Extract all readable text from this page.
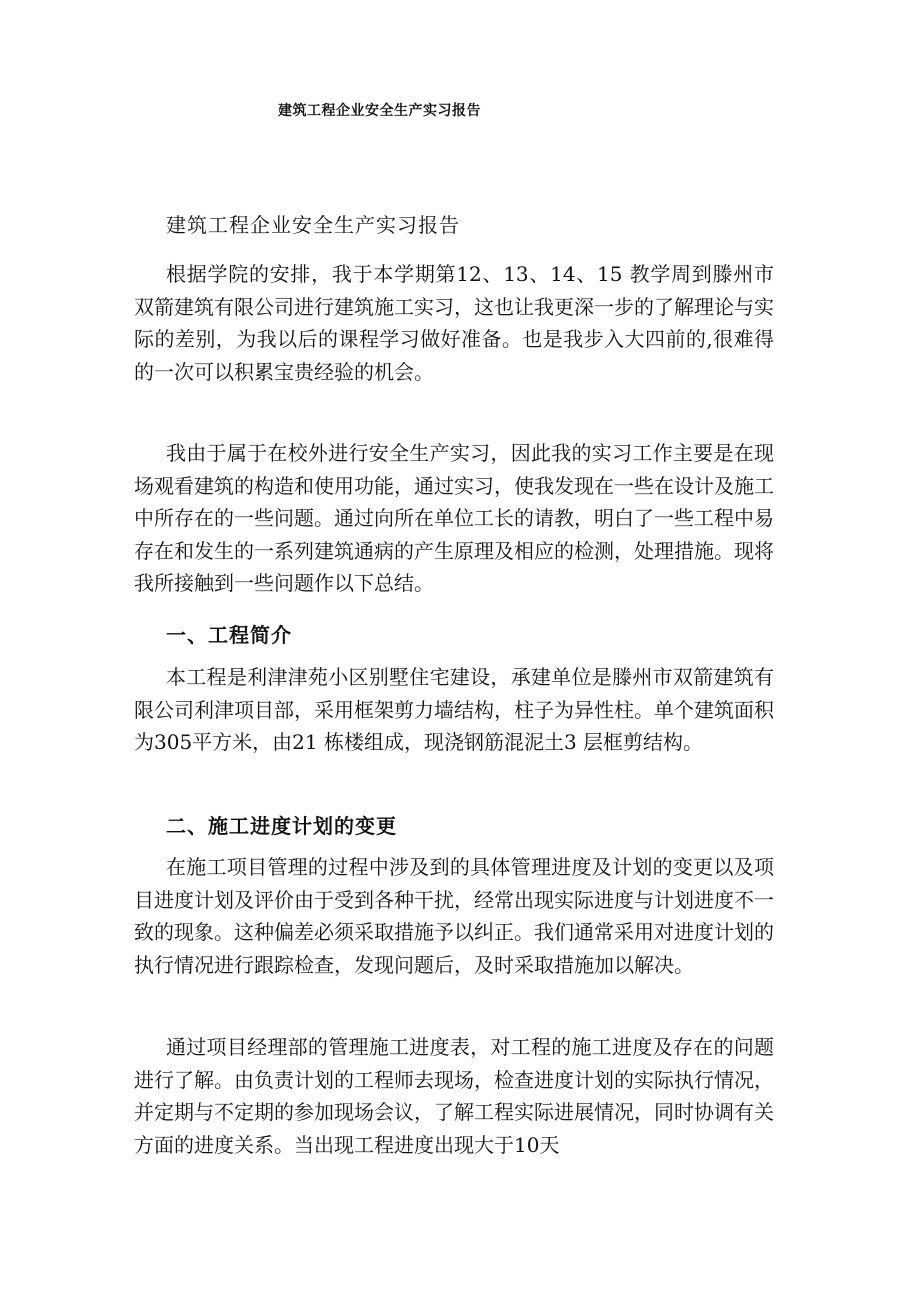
建筑工程企业安全生产实习报告
建筑工程企业安全生产实习报告

根据学院的安排，我于本学期第12、13、14、15 教学周到滕州市双箭建筑有限公司进行建筑施工实习，这也让我更深一步的了解理论与实际的差别，为我以后的课程学习做好准备。也是我步入大四前的,很难得的一次可以积累宝贵经验的机会。

我由于属于在校外进行安全生产实习，因此我的实习工作主要是在现场观看建筑的构造和使用功能，通过实习，使我发现在一些在设计及施工中所存在的一些问题。通过向所在单位工长的请教，明白了一些工程中易存在和发生的一系列建筑通病的产生原理及相应的检测，处理措施。现将我所接触到一些问题作以下总结。

一、工程简介

本工程是利津津苑小区别墅住宅建设，承建单位是滕州市双箭建筑有限公司利津项目部，采用框架剪力墙结构，柱子为异性柱。单个建筑面积为305平方米，由21 栋楼组成，现浇钢筋混泥土3 层框剪结构。

二、施工进度计划的变更

在施工项目管理的过程中涉及到的具体管理进度及计划的变更以及项目进度计划及评价由于受到各种干扰，经常出现实际进度与计划进度不一致的现象。这种偏差必须采取措施予以纠正。我们通常采用对进度计划的执行情况进行跟踪检查，发现问题后，及时采取措施加以解决。

通过项目经理部的管理施工进度表，对工程的施工进度及存在的问题进行了解。由负责计划的工程师去现场，检查进度计划的实际执行情况，并定期与不定期的参加现场会议，了解工程实际进展情况，同时协调有关方面的进度关系。当出现工程进度出现大于10天
